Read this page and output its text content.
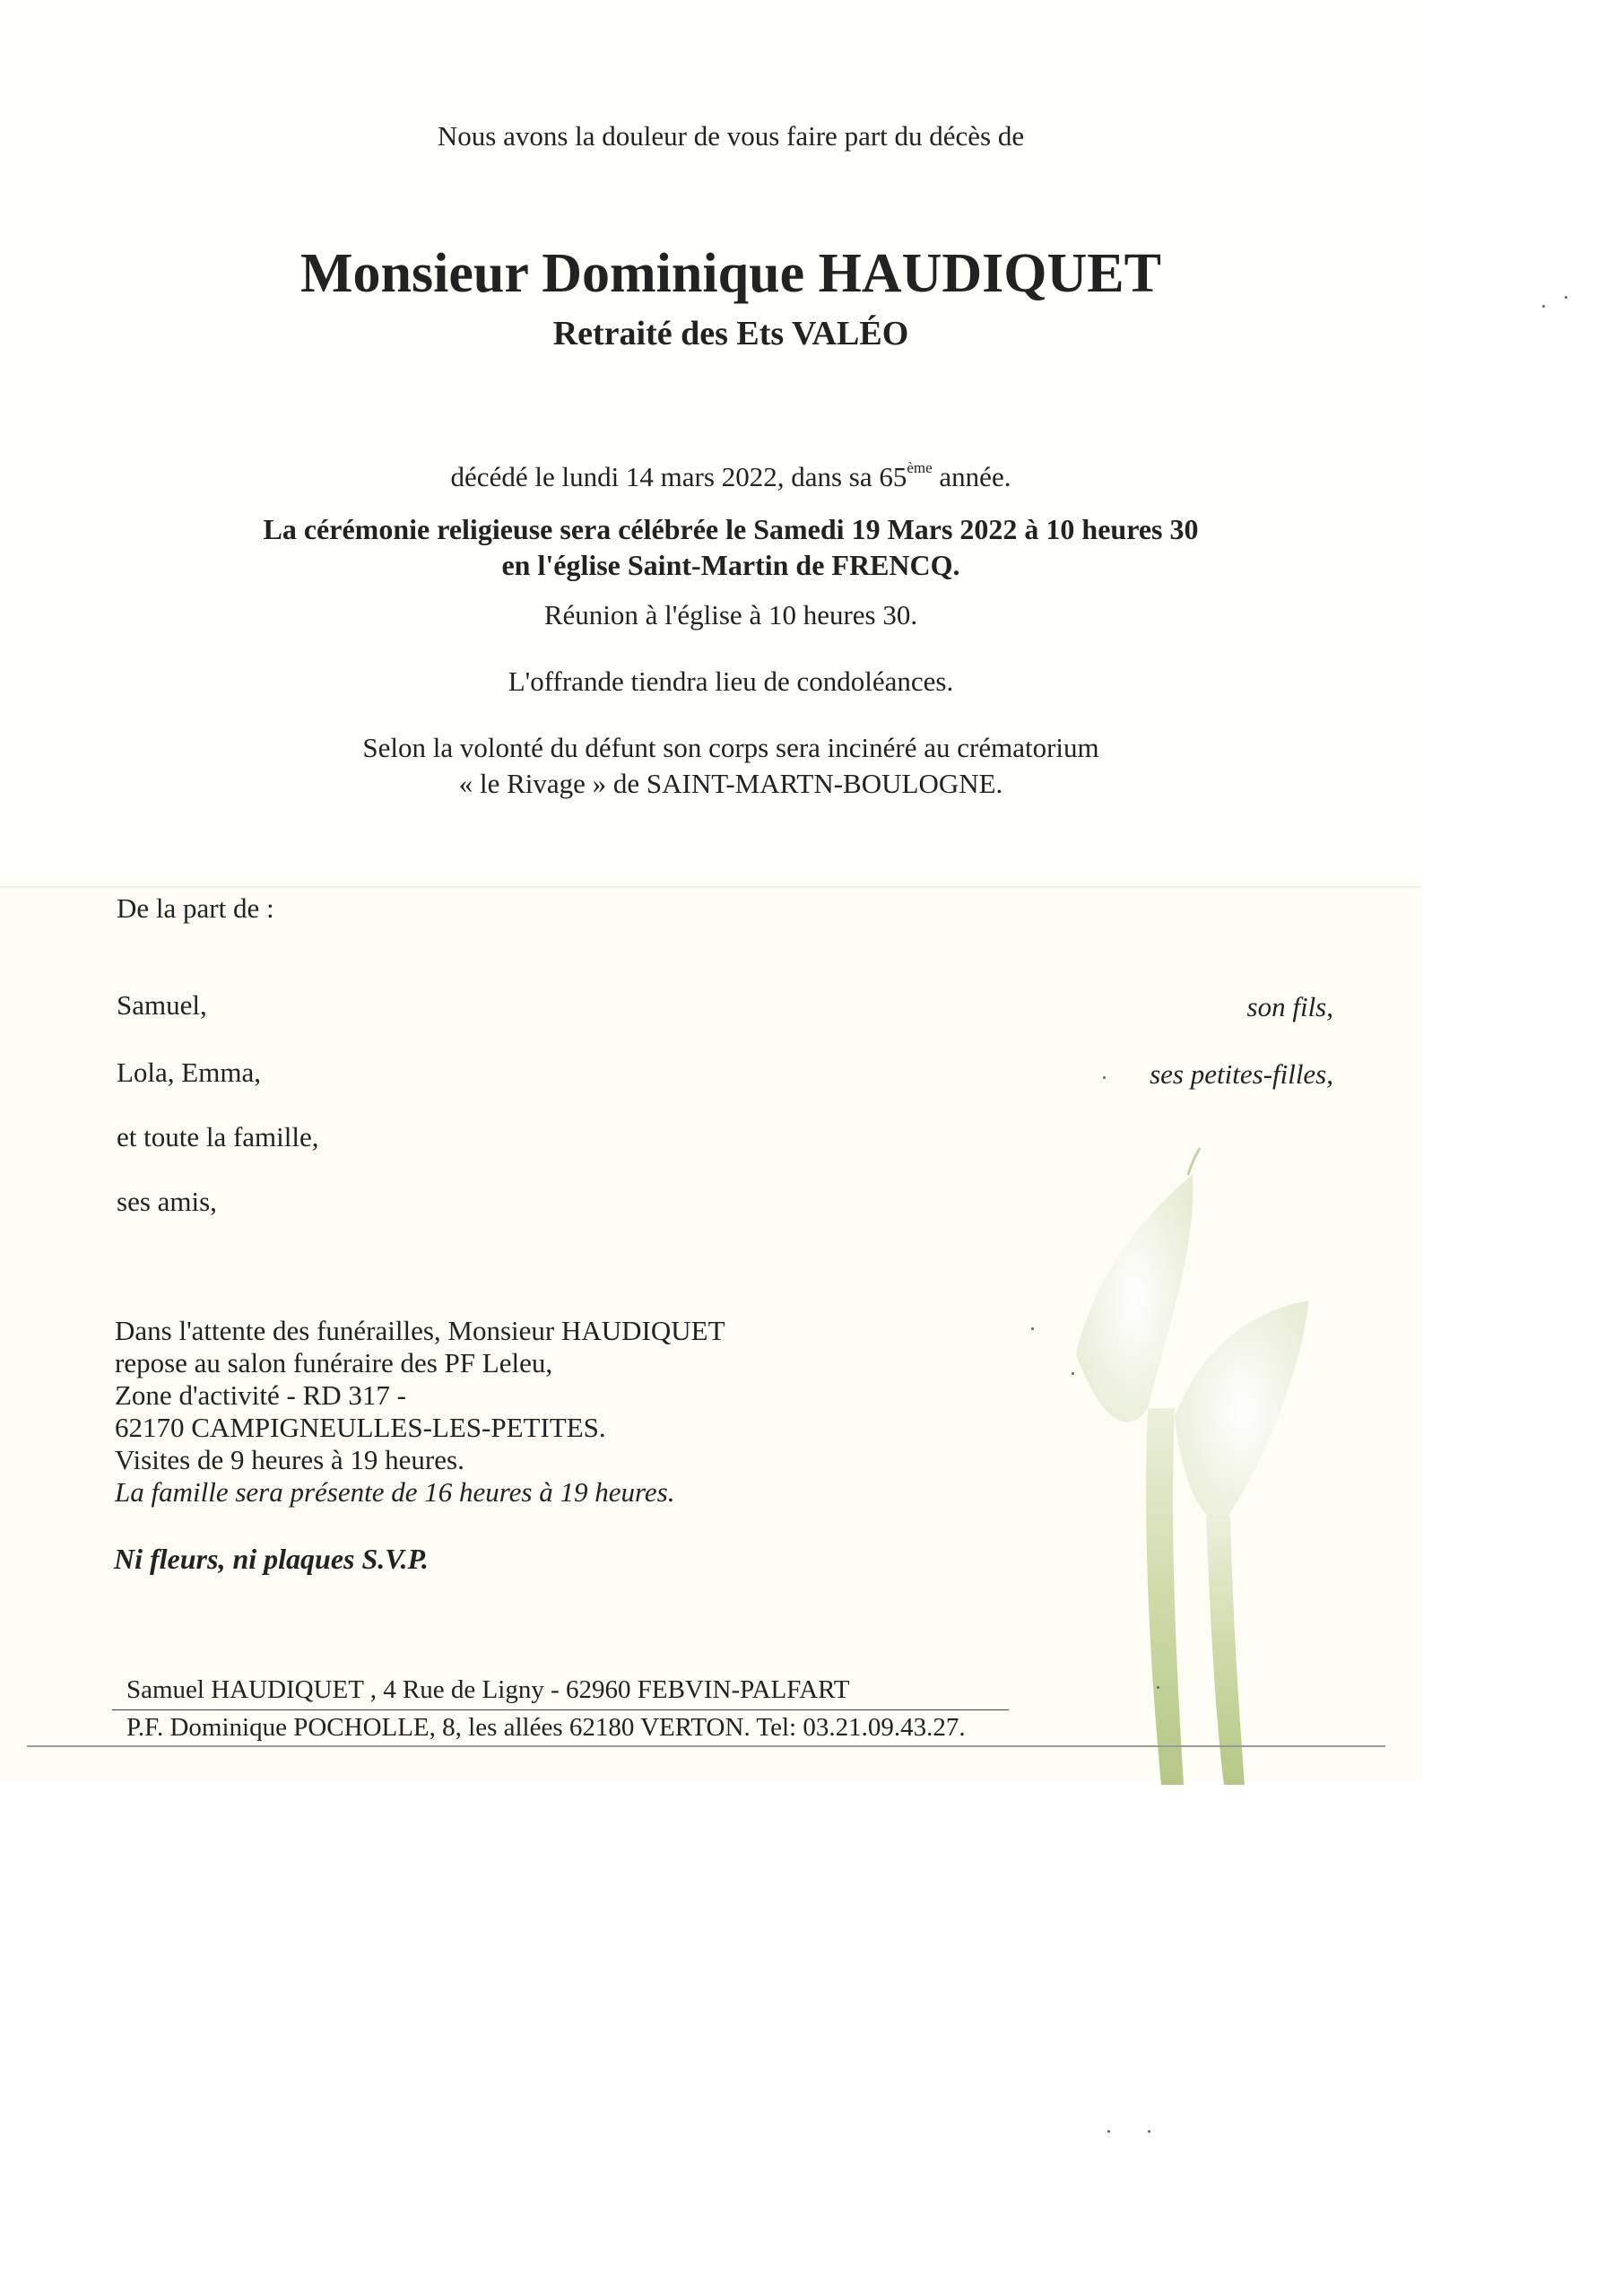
Nous avons la douleur de vous faire part du décès de
Monsieur Dominique HAUDIQUET
Retraité des Ets VALÉO
décédé le lundi 14 mars 2022, dans sa 65ème année.
La cérémonie religieuse sera célébrée le Samedi 19 Mars 2022 à 10 heures 30
en l'église Saint-Martin de FRENCQ.
Réunion à l'église à 10 heures 30.
L'offrande tiendra lieu de condoléances.
Selon la volonté du défunt son corps sera incinéré au crématorium
« le Rivage » de SAINT-MARTN-BOULOGNE.
De la part de :
Samuel,	son fils,
Lola, Emma,	ses petites-filles,
et toute la famille,
ses amis,
Dans l'attente des funérailles, Monsieur HAUDIQUET
repose au salon funéraire des PF Leleu,
Zone d'activité - RD 317 -
62170 CAMPIGNEULLES-LES-PETITES.
Visites de 9 heures à 19 heures.
La famille sera présente de 16 heures à 19 heures.
Ni fleurs, ni plaques S.V.P.
Samuel HAUDIQUET , 4 Rue de Ligny - 62960 FEBVIN-PALFART
P.F. Dominique POCHOLLE, 8, les allées 62180 VERTON. Tel: 03.21.09.43.27.
